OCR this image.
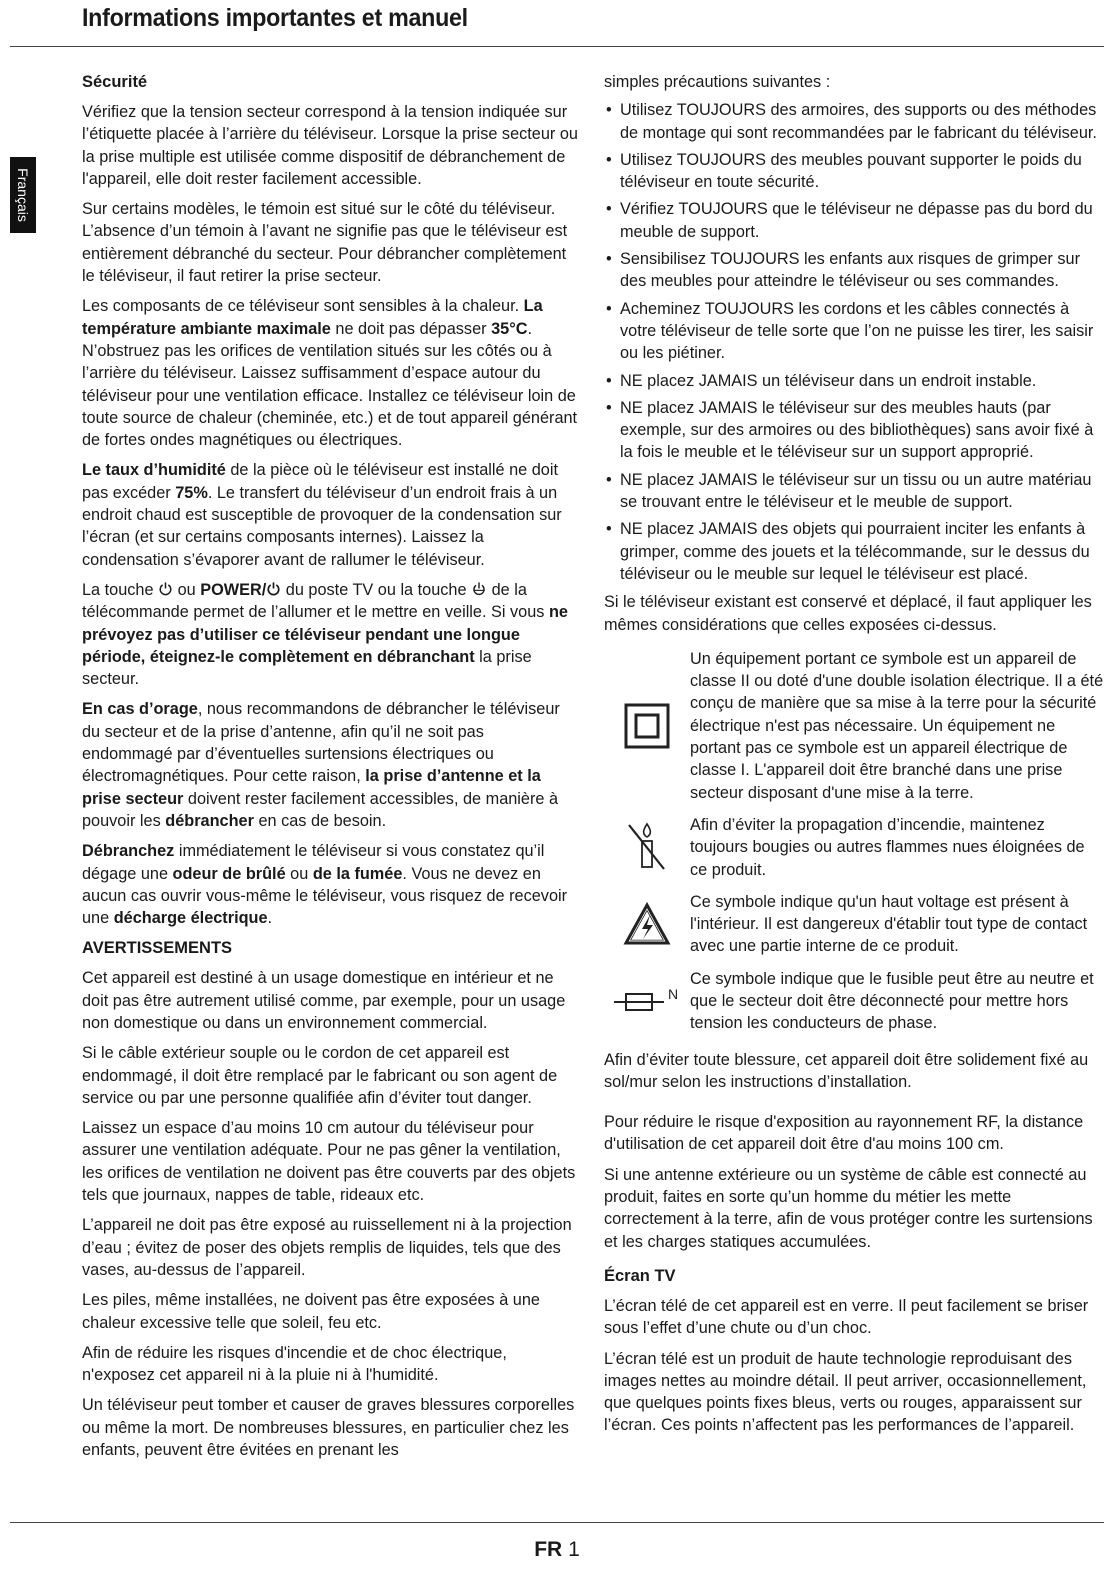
Informations importantes et manuel
Français
Sécurité

Vérifiez que la tension secteur correspond à la tension indiquée sur l’étiquette placée à l’arrière du téléviseur. Lorsque la prise secteur ou la prise multiple est utilisée comme dispositif de débranchement de l'appareil, elle doit rester facilement accessible.

Sur certains modèles, le témoin est situé sur le côté du téléviseur. L’absence d’un témoin à l’avant ne signifie pas que le téléviseur est entièrement débranché du secteur. Pour débrancher complètement le téléviseur, il faut retirer la prise secteur.

Les composants de ce téléviseur sont sensibles à la chaleur. La température ambiante maximale ne doit pas dépasser 35°C. N’obstruez pas les orifices de ventilation situés sur les côtés ou à l’arrière du téléviseur. Laissez suffisamment d’espace autour du téléviseur pour une ventilation efficace. Installez ce téléviseur loin de toute source de chaleur (cheminée, etc.) et de tout appareil générant de fortes ondes magnétiques ou électriques.

Le taux d’humidité de la pièce où le téléviseur est installé ne doit pas excéder 75%. Le transfert du téléviseur d’un endroit frais à un endroit chaud est susceptible de provoquer de la condensation sur l’écran (et sur certains composants internes). Laissez la condensation s’évaporer avant de rallumer le téléviseur.

La touche  ou POWER/ du poste TV ou la touche  de la télécommande permet de l’allumer et le mettre en veille. Si vous ne prévoyez pas d’utiliser ce téléviseur pendant une longue période, éteignez-le complètement en débranchant la prise secteur.

En cas d’orage, nous recommandons de débrancher le téléviseur du secteur et de la prise d’antenne, afin qu’il ne soit pas endommagé par d’éventuelles surtensions électriques ou électromagnétiques. Pour cette raison, la prise d’antenne et la prise secteur doivent rester facilement accessibles, de manière à pouvoir les débrancher en cas de besoin.

Débranchez immédiatement le téléviseur si vous constatez qu’il dégage une odeur de brûlé ou de la fumée. Vous ne devez en aucun cas ouvrir vous-même le téléviseur, vous risquez de recevoir une décharge électrique.

AVERTISSEMENTS

Cet appareil est destiné à un usage domestique en intérieur et ne doit pas être autrement utilisé comme, par exemple, pour un usage non domestique ou dans un environnement commercial.

Si le câble extérieur souple ou le cordon de cet appareil est endommagé, il doit être remplacé par le fabricant ou son agent de service ou par une personne qualifiée afin d’éviter tout danger.

Laissez un espace d’au moins 10 cm autour du téléviseur pour assurer une ventilation adéquate. Pour ne pas gêner la ventilation, les orifices de ventilation ne doivent pas être couverts par des objets tels que journaux, nappes de table, rideaux etc.

L’appareil ne doit pas être exposé au ruissellement ni à la projection d’eau ; évitez de poser des objets remplis de liquides, tels que des vases, au-dessus de l’appareil.

Les piles, même installées, ne doivent pas être exposées à une chaleur excessive telle que soleil, feu etc.

Afin de réduire les risques d'incendie et de choc électrique, n'exposez cet appareil ni à la pluie ni à l'humidité.

Un téléviseur peut tomber et causer de graves blessures corporelles ou même la mort. De nombreuses blessures, en particulier chez les enfants, peuvent être évitées en prenant les

simples précautions suivantes :

• Utilisez TOUJOURS des armoires, des supports ou des méthodes de montage qui sont recommandées par le fabricant du téléviseur.
• Utilisez TOUJOURS des meubles pouvant supporter le poids du téléviseur en toute sécurité.
• Vérifiez TOUJOURS que le téléviseur ne dépasse pas du bord du meuble de support.
• Sensibilisez TOUJOURS les enfants aux risques de grimper sur des meubles pour atteindre le téléviseur ou ses commandes.
• Acheminez TOUJOURS les cordons et les câbles connectés à votre téléviseur de telle sorte que l’on ne puisse les tirer, les saisir ou les piétiner.
• NE placez JAMAIS un téléviseur dans un endroit instable.
• NE placez JAMAIS le téléviseur sur des meubles hauts (par exemple, sur des armoires ou des bibliothèques) sans avoir fixé à la fois le meuble et le téléviseur sur un support approprié.
• NE placez JAMAIS le téléviseur sur un tissu ou un autre matériau se trouvant entre le téléviseur et le meuble de support.
• NE placez JAMAIS des objets qui pourraient inciter les enfants à grimper, comme des jouets et la télécommande, sur le dessus du téléviseur ou le meuble sur lequel le téléviseur est placé.

Si le téléviseur existant est conservé et déplacé, il faut appliquer les mêmes considérations que celles exposées ci-dessus.

Un équipement portant ce symbole est un appareil de classe II ou doté d'une double isolation électrique. Il a été conçu de manière que sa mise à la terre pour la sécurité électrique n'est pas nécessaire. Un équipement ne portant pas ce symbole est un appareil électrique de classe I. L'appareil doit être branché dans une prise secteur disposant d'une mise à la terre.
Afin d’éviter la propagation d’incendie, maintenez toujours bougies ou autres flammes nues éloignées de ce produit.
Ce symbole indique qu'un haut voltage est présent à l'intérieur. Il est dangereux d'établir tout type de contact avec une partie interne de ce produit.
N
Ce symbole indique que le fusible peut être au neutre et que le secteur doit être déconnecté pour mettre hors tension les conducteurs de phase.

Afin d’éviter toute blessure, cet appareil doit être solidement fixé au sol/mur selon les instructions d’installation.

Pour réduire le risque d'exposition au rayonnement RF, la distance d'utilisation de cet appareil doit être d'au moins 100 cm.

Si une antenne extérieure ou un système de câble est connecté au produit, faites en sorte qu’un homme du métier les mette correctement à la terre, afin de vous protéger contre les surtensions et les charges statiques accumulées.

Écran TV

L’écran télé de cet appareil est en verre. Il peut facilement se briser sous l’effet d’une chute ou d’un choc.

L’écran télé est un produit de haute technologie reproduisant des images nettes au moindre détail. Il peut arriver, occasionnellement, que quelques points fixes bleus, verts ou rouges, apparaissent sur l’écran. Ces points n’affectent pas les performances de l’appareil.

FR 1
